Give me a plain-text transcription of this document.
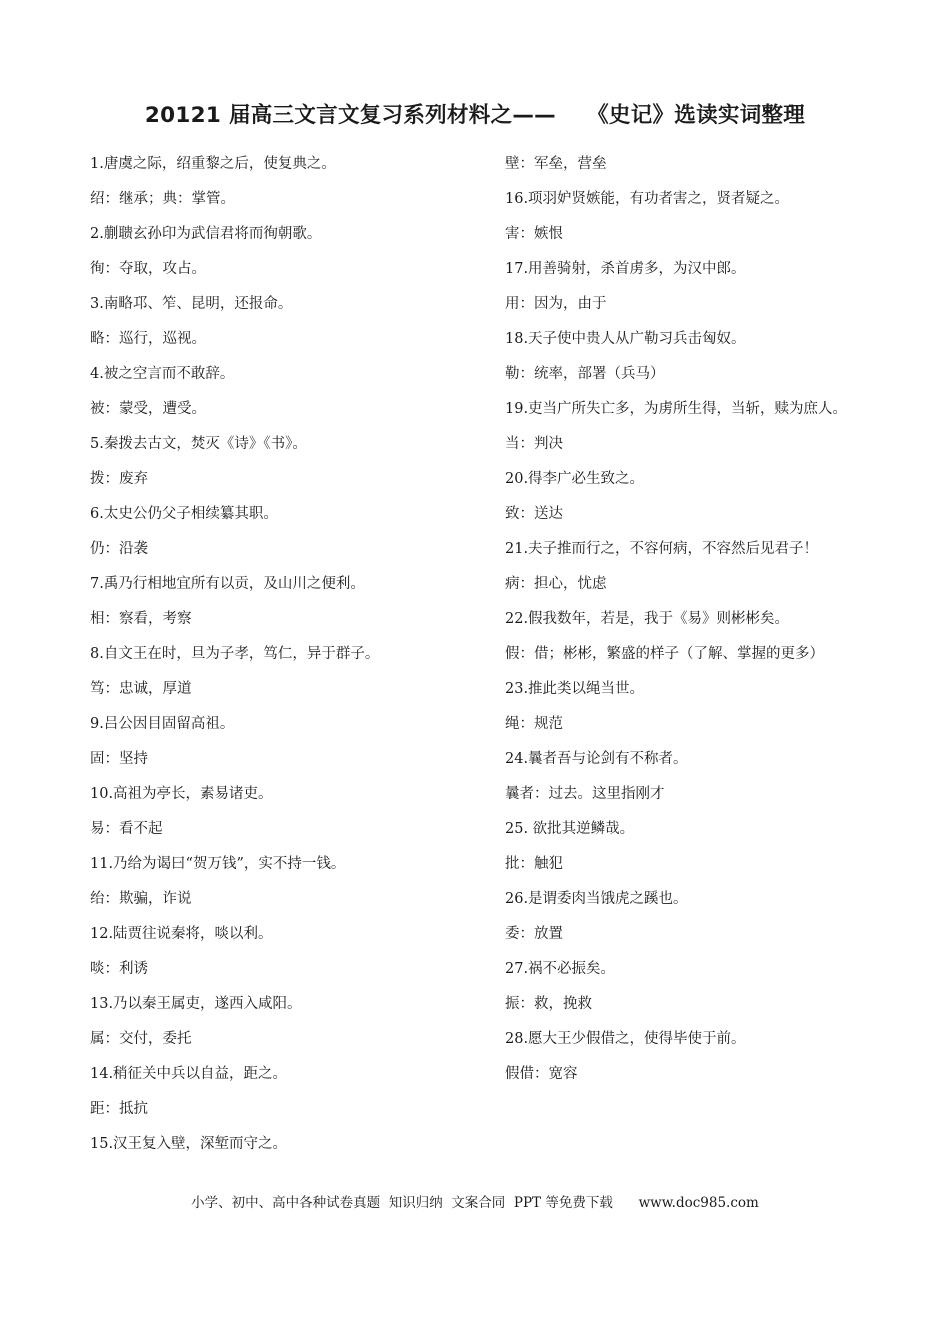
20121 届高三文言文复习系列材料之——    《史记》选读实词整理
1.唐虞之际，绍重黎之后，使复典之。
绍：继承；典：掌管。
2.蒯聩玄孙印为武信君将而徇朝歌。
徇：夺取，攻占。
3.南略邛、笮、昆明，还报命。
略：巡行，巡视。
4.被之空言而不敢辞。
被：蒙受，遭受。
5.秦拨去古文，焚灭《诗》《书》。
拨：废弃
6.太史公仍父子相续纂其职。
仍：沿袭
7.禹乃行相地宜所有以贡，及山川之便利。
相：察看，考察
8.自文王在时，旦为子孝，笃仁，异于群子。
笃：忠诚，厚道
9.吕公因目固留高祖。
固：坚持
10.高祖为亭长，素易诸吏。
易：看不起
11.乃给为谒曰“贺万钱”，实不持一钱。
绐：欺骗，诈说
12.陆贾往说秦将，啖以利。
啖：利诱
13.乃以秦王属吏，遂西入咸阳。
属：交付，委托
14.稍征关中兵以自益，距之。
距：抵抗
15.汉王复入壁，深堑而守之。
壁：军垒，营垒
16.项羽妒贤嫉能，有功者害之，贤者疑之。
害：嫉恨
17.用善骑射，杀首虏多，为汉中郎。
用：因为，由于
18.天子使中贵人从广勒习兵击匈奴。
勒：统率，部署（兵马）
19.吏当广所失亡多，为虏所生得，当斩，赎为庶人。
当：判决
20.得李广必生致之。
致：送达
21.夫子推而行之，不容何病，不容然后见君子！
病：担心，忧虑
22.假我数年，若是，我于《易》则彬彬矣。
假：借；彬彬，繁盛的样子（了解、掌握的更多）
23.推此类以绳当世。
绳：规范
24.曩者吾与论剑有不称者。
曩者：过去。这里指刚才
25. 欲批其逆鳞哉。
批：触犯
26.是谓委肉当饿虎之蹊也。
委：放置
27.祸不必振矣。
振：救，挽救
28.愿大王少假借之，使得毕使于前。
假借：宽容
小学、初中、高中各种试卷真题  知识归纳  文案合同  PPT 等免费下载      www.doc985.com
